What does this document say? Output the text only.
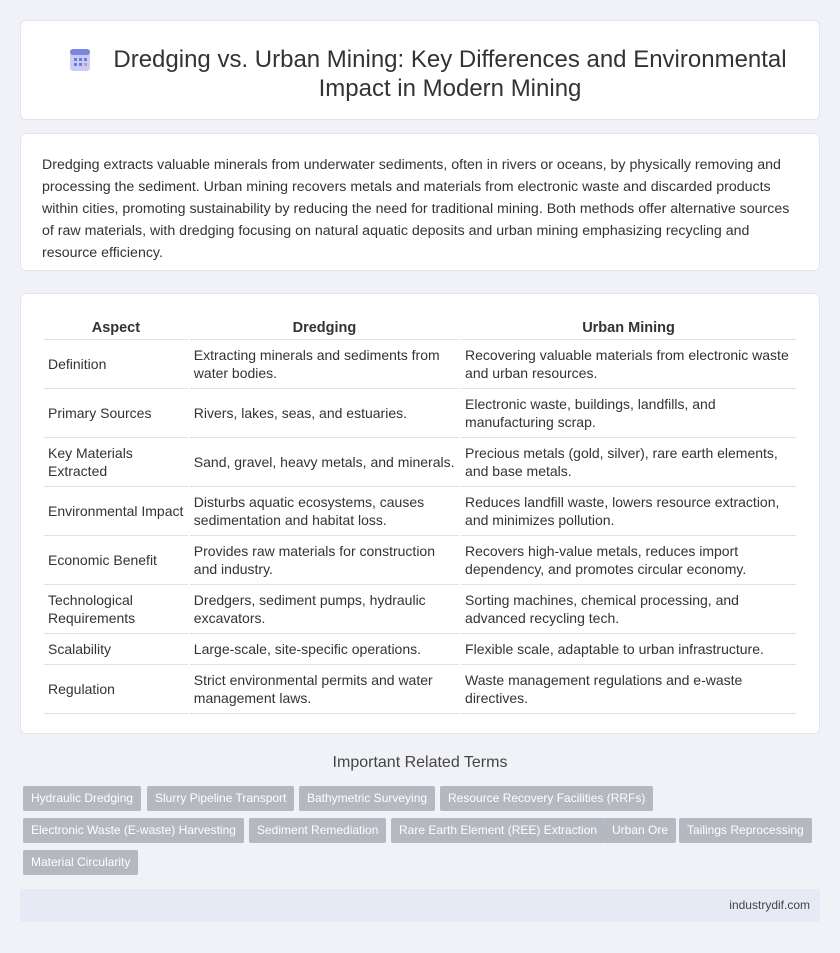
Dredging vs. Urban Mining: Key Differences and Environmental Impact in Modern Mining

Dredging extracts valuable minerals from underwater sediments, often in rivers or oceans, by physically removing and processing the sediment. Urban mining recovers metals and materials from electronic waste and discarded products within cities, promoting sustainability by reducing the need for traditional mining. Both methods offer alternative sources of raw materials, with dredging focusing on natural aquatic deposits and urban mining emphasizing recycling and resource efficiency.

Aspect	Dredging	Urban Mining
Definition	Extracting minerals and sediments from water bodies.	Recovering valuable materials from electronic waste and urban resources.
Primary Sources	Rivers, lakes, seas, and estuaries.	Electronic waste, buildings, landfills, and manufacturing scrap.
Key Materials Extracted	Sand, gravel, heavy metals, and minerals.	Precious metals (gold, silver), rare earth elements, and base metals.
Environmental Impact	Disturbs aquatic ecosystems, causes sedimentation and habitat loss.	Reduces landfill waste, lowers resource extraction, and minimizes pollution.
Economic Benefit	Provides raw materials for construction and industry.	Recovers high-value metals, reduces import dependency, and promotes circular economy.
Technological Requirements	Dredgers, sediment pumps, hydraulic excavators.	Sorting machines, chemical processing, and advanced recycling tech.
Scalability	Large-scale, site-specific operations.	Flexible scale, adaptable to urban infrastructure.
Regulation	Strict environmental permits and water management laws.	Waste management regulations and e-waste directives.
Important Related Terms
Hydraulic Dredging	Slurry Pipeline Transport	Bathymetric Surveying	Resource Recovery Facilities (RRFs)
Electronic Waste (E-waste) Harvesting	Sediment Remediation	Rare Earth Element (REE) Extraction	Urban Ore	Tailings Reprocessing
Material Circularity
industrydif.com
